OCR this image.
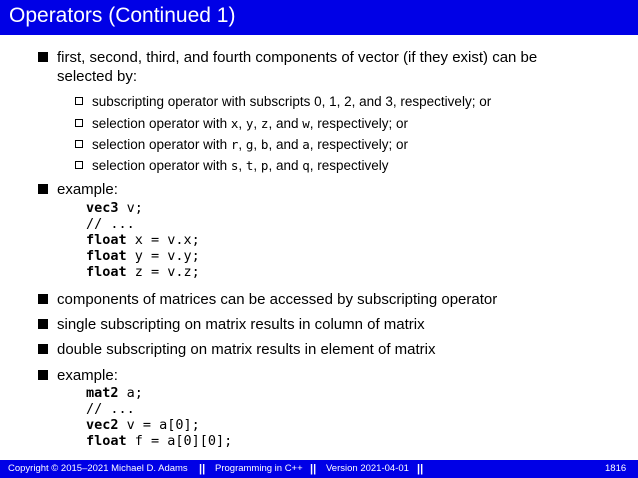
Operators (Continued 1)
first, second, third, and fourth components of vector (if they exist) can be
selected by:
subscripting operator with subscripts 0, 1, 2, and 3, respectively; or
selection operator with x, y, z, and w, respectively; or
selection operator with r, g, b, and a, respectively; or
selection operator with s, t, p, and q, respectively
example:
vec3 v;
// ...
float x = v.x;
float y = v.y;
float z = v.z;
components of matrices can be accessed by subscripting operator
single subscripting on matrix results in column of matrix
double subscripting on matrix results in element of matrix
example:
mat2 a;
// ...
vec2 v = a[0];
float f = a[0][0];
Copyright © 2015–2021 Michael D. Adams || Programming in C++ || Version 2021-04-01 ||	1816
